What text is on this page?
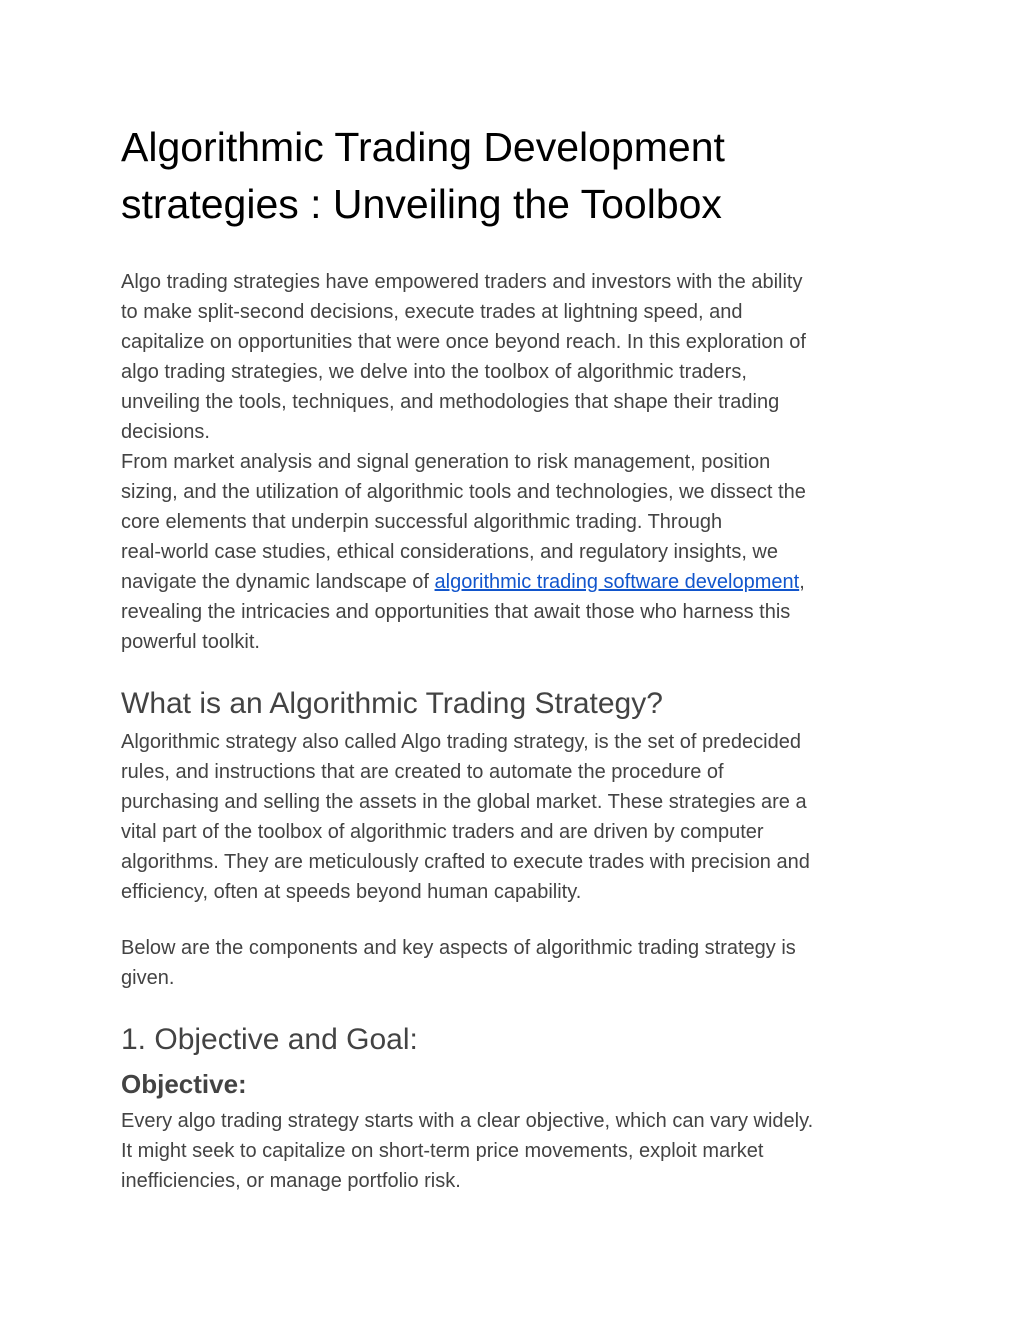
Algorithmic Trading Development
strategies : Unveiling the Toolbox
Algo trading strategies have empowered traders and investors with the ability
to make split-second decisions, execute trades at lightning speed, and
capitalize on opportunities that were once beyond reach. In this exploration of
algo trading strategies, we delve into the toolbox of algorithmic traders,
unveiling the tools, techniques, and methodologies that shape their trading
decisions.
From market analysis and signal generation to risk management, position
sizing, and the utilization of algorithmic tools and technologies, we dissect the
core elements that underpin successful algorithmic trading. Through
real-world case studies, ethical considerations, and regulatory insights, we
navigate the dynamic landscape of algorithmic trading software development,
revealing the intricacies and opportunities that await those who harness this
powerful toolkit.
What is an Algorithmic Trading Strategy?
Algorithmic strategy also called Algo trading strategy, is the set of predecided
rules, and instructions that are created to automate the procedure of
purchasing and selling the assets in the global market. These strategies are a
vital part of the toolbox of algorithmic traders and are driven by computer
algorithms. They are meticulously crafted to execute trades with precision and
efficiency, often at speeds beyond human capability.
Below are the components and key aspects of algorithmic trading strategy is
given.
1. Objective and Goal:
Objective:
Every algo trading strategy starts with a clear objective, which can vary widely.
It might seek to capitalize on short-term price movements, exploit market
inefficiencies, or manage portfolio risk.
